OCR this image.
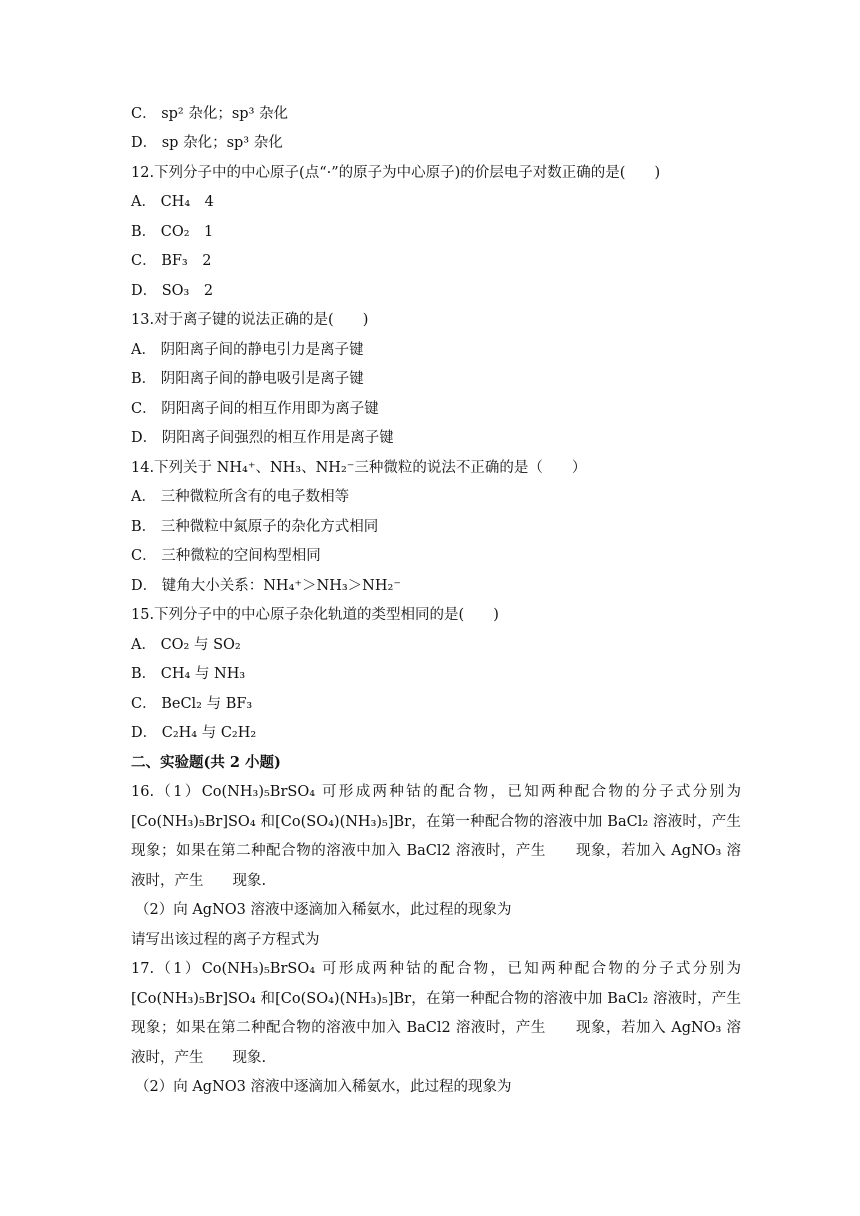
C． sp² 杂化；sp³ 杂化
D． sp 杂化；sp³ 杂化
12.下列分子中的中心原子(点“·”的原子为中心原子)的价层电子对数正确的是(　　)
A． CH₄　4
B． CO₂　1
C． BF₃　2
D． SO₃　2
13.对于离子键的说法正确的是(　　)
A． 阴阳离子间的静电引力是离子键
B． 阴阳离子间的静电吸引是离子键
C． 阴阳离子间的相互作用即为离子键
D． 阴阳离子间强烈的相互作用是离子键
14.下列关于 NH₄⁺、NH₃、NH₂⁻三种微粒的说法不正确的是（　　）
A． 三种微粒所含有的电子数相等
B． 三种微粒中氮原子的杂化方式相同
C． 三种微粒的空间构型相同
D． 键角大小关系：NH₄⁺＞NH₃＞NH₂⁻
15.下列分子中的中心原子杂化轨道的类型相同的是(　　)
A． CO₂ 与 SO₂
B． CH₄ 与 NH₃
C． BeCl₂ 与 BF₃
D． C₂H₄ 与 C₂H₂
二、实验题(共 2 小题)
16.（1）Co(NH₃)₅BrSO₄ 可形成两种钴的配合物，已知两种配合物的分子式分别为
[Co(NH₃)₅Br]SO₄ 和[Co(SO₄)(NH₃)₅]Br，在第一种配合物的溶液中加 BaCl₂ 溶液时，产生
现象；如果在第二种配合物的溶液中加入 BaCl2 溶液时，产生　　现象，若加入 AgNO₃ 溶
液时，产生　　现象.
（2）向 AgNO3 溶液中逐滴加入稀氨水，此过程的现象为
请写出该过程的离子方程式为
17.（1）Co(NH₃)₅BrSO₄ 可形成两种钴的配合物，已知两种配合物的分子式分别为
[Co(NH₃)₅Br]SO₄ 和[Co(SO₄)(NH₃)₅]Br，在第一种配合物的溶液中加 BaCl₂ 溶液时，产生
现象；如果在第二种配合物的溶液中加入 BaCl2 溶液时，产生　　现象，若加入 AgNO₃ 溶
液时，产生　　现象.
（2）向 AgNO3 溶液中逐滴加入稀氨水，此过程的现象为
